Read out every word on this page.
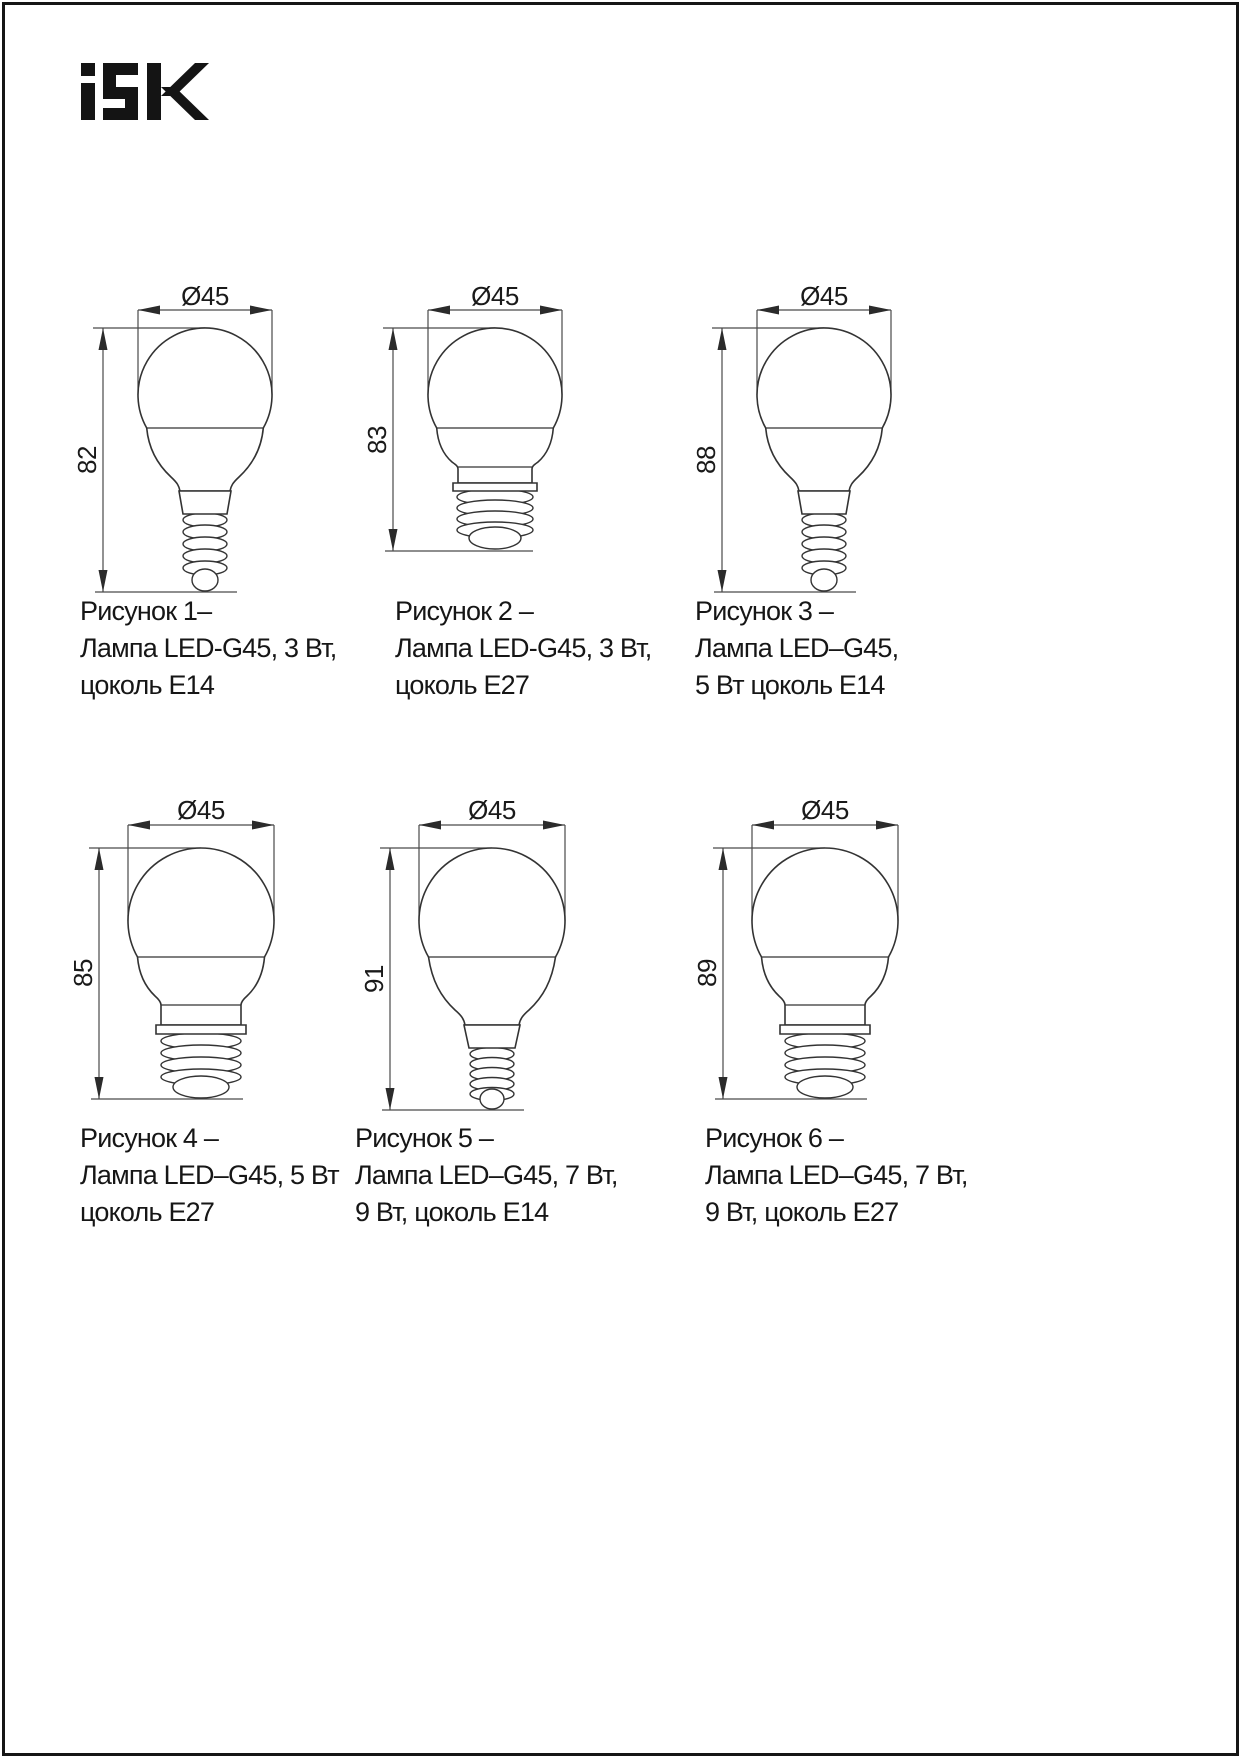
Ø45
82
Рисунок 1–
Лампа LED-G45, 3 Вт,
цоколь E14
Ø45
83
Рисунок 2 –
Лампа LED-G45, 3 Вт,
цоколь E27
Ø45
88
Рисунок 3 –
Лампа LED–G45,
5 Вт цоколь E14
Ø45
85
Рисунок 4 –
Лампа LED–G45, 5 Вт
цоколь E27
Ø45
91
Рисунок 5 –
Лампа LED–G45, 7 Вт,
9 Вт, цоколь E14
Ø45
89
Рисунок 6 –
Лампа LED–G45, 7 Вт,
9 Вт, цоколь E27
